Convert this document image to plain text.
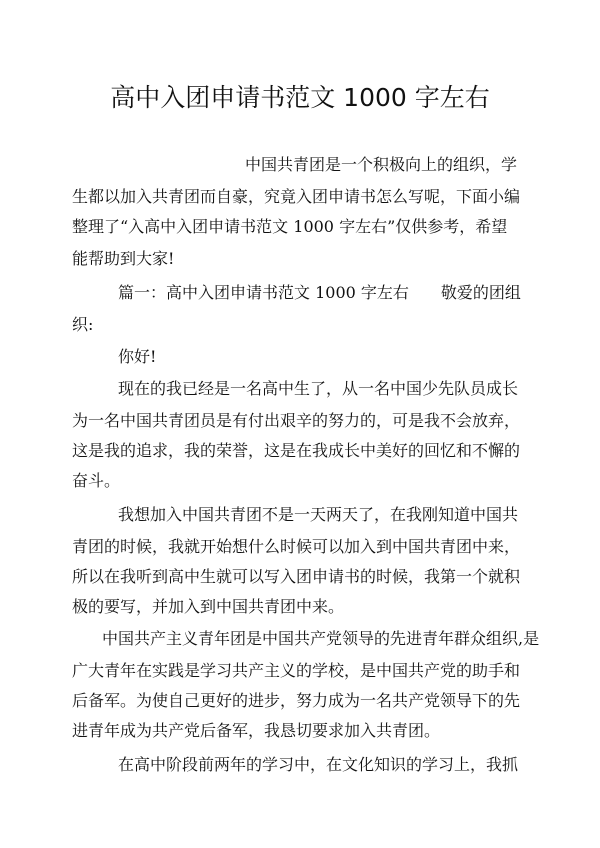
高中入团申请书范文 1000 字左右
中国共青团是一个积极向上的组织，学
生都以加入共青团而自豪，究竟入团申请书怎么写呢，下面小编
整理了“入高中入团申请书范文 1000 字左右”仅供参考，希望
能帮助到大家!
篇一：高中入团申请书范文 1000 字左右　　敬爱的团组
织:
你好!
现在的我已经是一名高中生了，从一名中国少先队员成长
为一名中国共青团员是有付出艰辛的努力的，可是我不会放弃，
这是我的追求，我的荣誉，这是在我成长中美好的回忆和不懈的
奋斗。
我想加入中国共青团不是一天两天了，在我刚知道中国共
青团的时候，我就开始想什么时候可以加入到中国共青团中来，
所以在我听到高中生就可以写入团申请书的时候，我第一个就积
极的要写，并加入到中国共青团中来。
中国共产主义青年团是中国共产党领导的先进青年群众组织,是
广大青年在实践是学习共产主义的学校，是中国共产党的助手和
后备军。为使自己更好的进步，努力成为一名共产党领导下的先
进青年成为共产党后备军，我恳切要求加入共青团。
在高中阶段前两年的学习中，在文化知识的学习上，我抓
